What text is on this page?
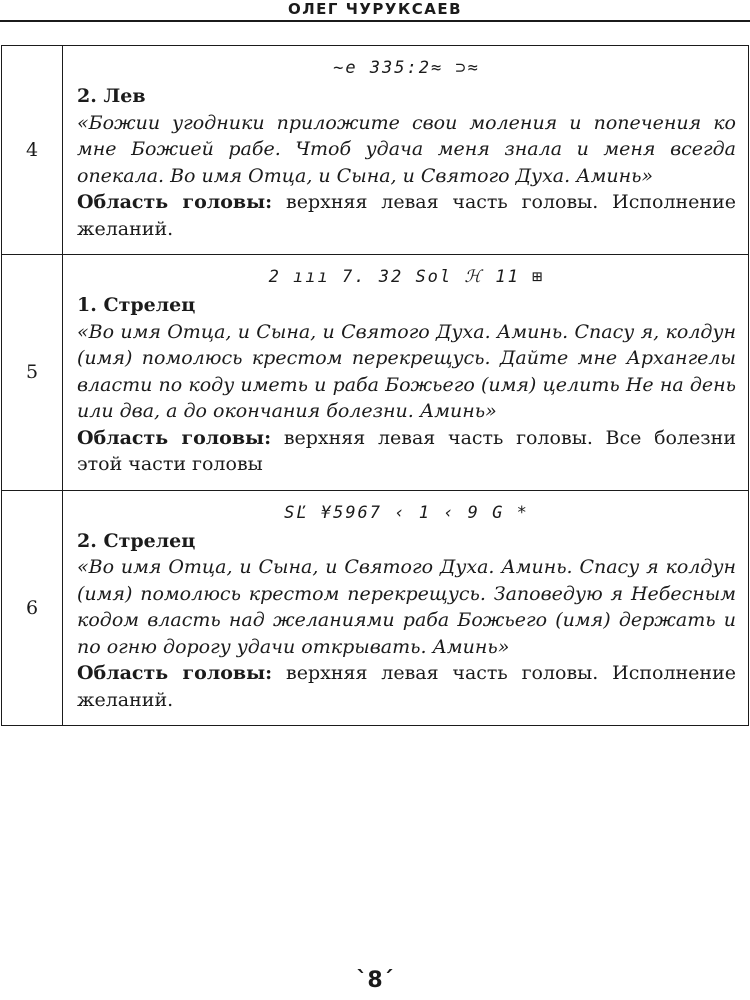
ОЛЕГ ЧУРУКСАЕВ
4	~e 335:2≈ ⊃≈
2. Лев
«Божии угодники приложите свои моления и попечения ко мне Божией рабе. Чтоб удача меня знала и меня всегда опекала. Во имя Отца, и Сына, и Святого Духа. Аминь»
Область головы: верхняя левая часть головы. Исполнение желаний.

5	2 ııı 7. 32 Sol ℋ 11 ⊞
1. Стрелец
«Во имя Отца, и Сына, и Святого Духа. Аминь. Спасу я, колдун (имя) помолюсь крестом перекрещусь. Дайте мне Архангелы власти по коду иметь и раба Божьего (имя) целить Не на день или два, а до окончания болезни. Аминь»
Область головы: верхняя левая часть головы. Все болезни этой части головы

6	SĽ ¥5967 ‹ 1 ‹ 9 G *
2. Стрелец
«Во имя Отца, и Сына, и Святого Духа. Аминь. Спасу я колдун (имя) помолюсь крестом перекрещусь. Заповедую я Небесным кодом власть над желаниями раба Божьего (имя) держать и по огню дорогу удачи открывать. Аминь»
Область головы: верхняя левая часть головы. Исполнение желаний.
`8´
